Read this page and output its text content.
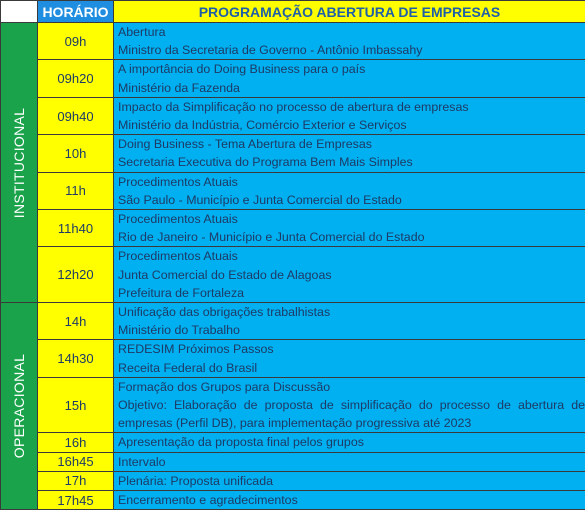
	HORÁRIO	PROGRAMAÇÃO ABERTURA DE EMPRESAS

INSTITUCIONAL	09h	Abertura
Ministro da Secretaria de Governo - Antônio Imbassahy

	09h20	A importância do Doing Business para o país
Ministério da Fazenda

	09h40	Impacto da Simplificação no processo de abertura de empresas
Ministério da Indústria, Comércio Exterior e Serviços

	10h	Doing Business - Tema Abertura de Empresas
Secretaria Executiva do Programa Bem Mais Simples

	11h	Procedimentos Atuais
São Paulo - Município e Junta Comercial do Estado

	11h40	Procedimentos Atuais
Rio de Janeiro - Município e Junta Comercial do Estado

	12h20	Procedimentos Atuais
Junta Comercial do Estado de Alagoas
Prefeitura de Fortaleza

OPERACIONAL	14h	Unificação das obrigações trabalhistas
Ministério do Trabalho

	14h30	REDESIM Próximos Passos
Receita Federal do Brasil

	15h	Formação dos Grupos para Discussão
Objetivo: Elaboração de proposta de simplificação do processo de abertura de empresas (Perfil DB), para implementação progressiva até 2023

	16h	Apresentação da proposta final pelos grupos

	16h45	Intervalo

	17h	Plenária: Proposta unificada

	17h45	Encerramento e agradecimentos
